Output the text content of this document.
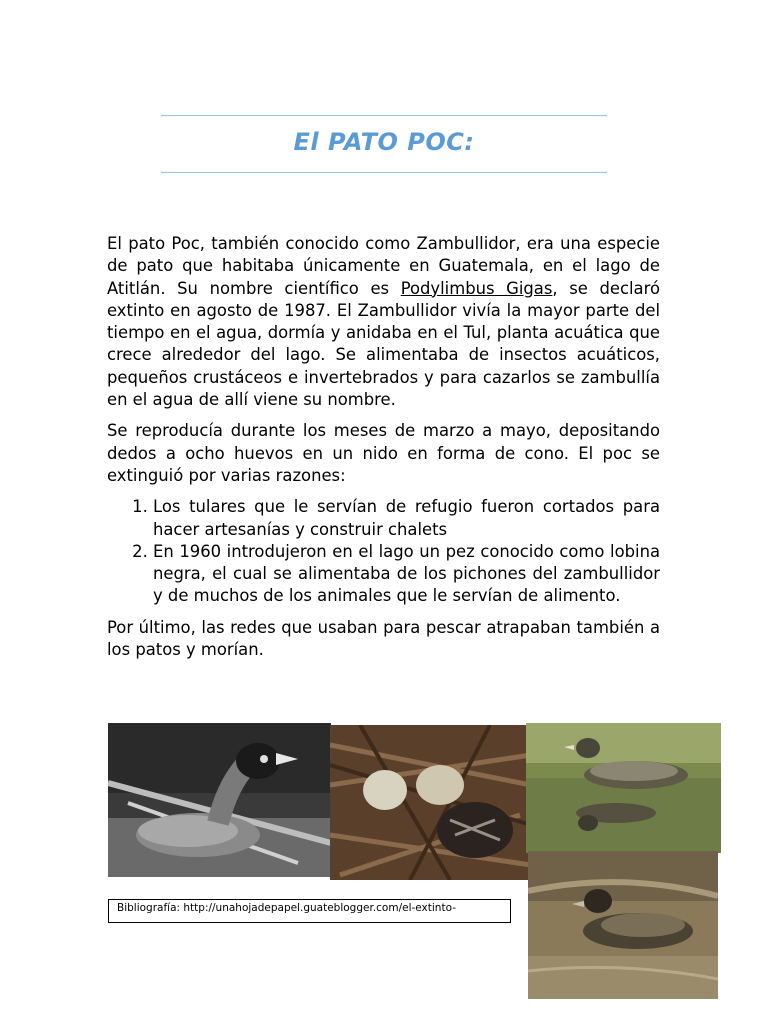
El PATO POC:

El pato Poc, también conocido como Zambullidor, era una especie de pato que habitaba únicamente en Guatemala, en el lago de Atitlán. Su nombre científico es Podylimbus Gigas, se declaró extinto en agosto de 1987. El Zambullidor vivía la mayor parte del tiempo en el agua, dormía y anidaba en el Tul, planta acuática que crece alrededor del lago. Se alimentaba de insectos acuáticos, pequeños crustáceos e invertebrados y para cazarlos se zambullía en el agua de allí viene su nombre.

Se reproducía durante los meses de marzo a mayo, depositando dedos a ocho huevos en un nido en forma de cono. El poc se extinguió por varias razones:

1. Los tulares que le servían de refugio fueron cortados para hacer artesanías y construir chalets
2. En 1960 introdujeron en el lago un pez conocido como lobina negra, el cual se alimentaba de los pichones del zambullidor y de muchos de los animales que le servían de alimento.

Por último, las redes que usaban para pescar atrapaban también a los patos y morían.

Bibliografía: http://unahojadepapel.guateblogger.com/el-extinto-
